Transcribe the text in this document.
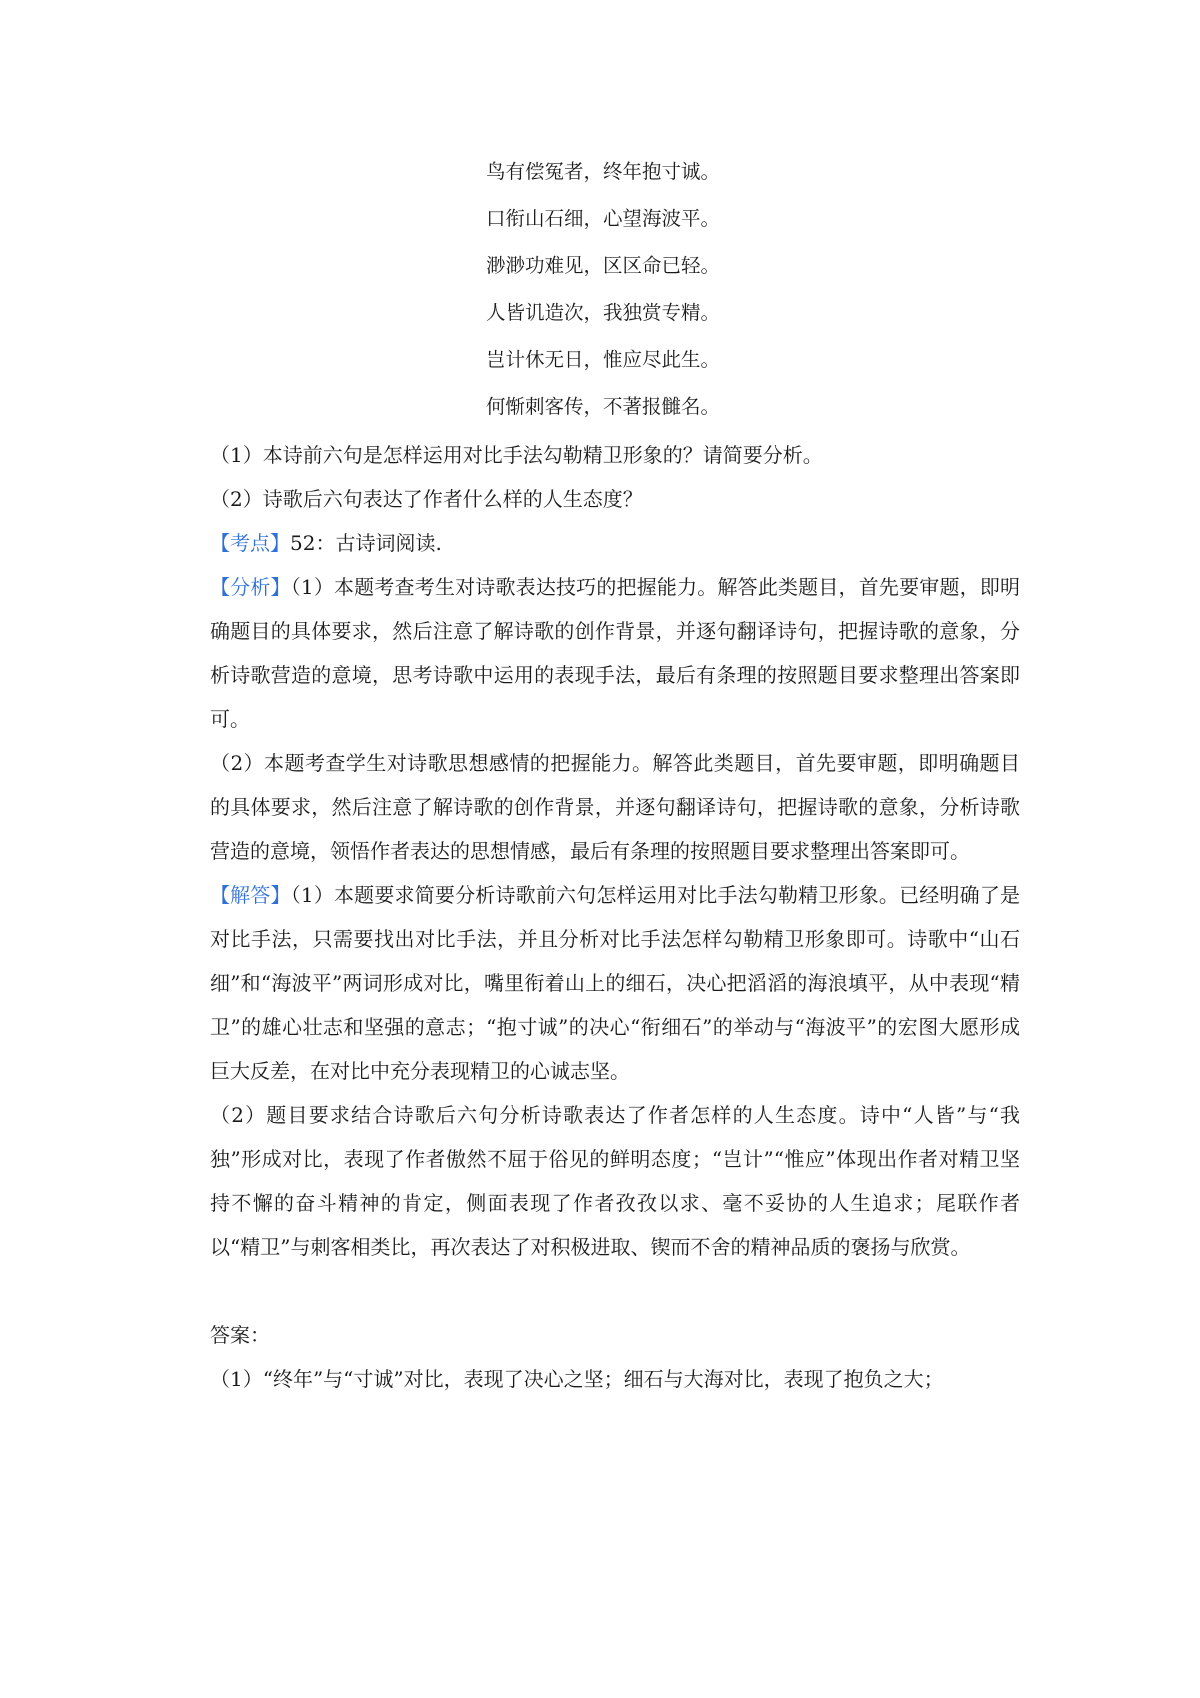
鸟有偿冤者，终年抱寸诚。
口衔山石细，心望海波平。
渺渺功难见，区区命已轻。
人皆讥造次，我独赏专精。
岂计休无日，惟应尽此生。
何惭刺客传，不著报雠名。

（1）本诗前六句是怎样运用对比手法勾勒精卫形象的？请简要分析。

（2）诗歌后六句表达了作者什么样的人生态度？

【考点】52：古诗词阅读.

【分析】（1）本题考查考生对诗歌表达技巧的把握能力。解答此类题目，首先要审题，即明确题目的具体要求，然后注意了解诗歌的创作背景，并逐句翻译诗句，把握诗歌的意象，分析诗歌营造的意境，思考诗歌中运用的表现手法，最后有条理的按照题目要求整理出答案即可。

（2）本题考查学生对诗歌思想感情的把握能力。解答此类题目，首先要审题，即明确题目的具体要求，然后注意了解诗歌的创作背景，并逐句翻译诗句，把握诗歌的意象，分析诗歌营造的意境，领悟作者表达的思想情感，最后有条理的按照题目要求整理出答案即可。

【解答】（1）本题要求简要分析诗歌前六句怎样运用对比手法勾勒精卫形象。已经明确了是对比手法，只需要找出对比手法，并且分析对比手法怎样勾勒精卫形象即可。诗歌中“山石细”和“海波平”两词形成对比，嘴里衔着山上的细石，决心把滔滔的海浪填平，从中表现“精卫”的雄心壮志和坚强的意志；“抱寸诚”的决心“衔细石”的举动与“海波平”的宏图大愿形成巨大反差，在对比中充分表现精卫的心诚志坚。

（2）题目要求结合诗歌后六句分析诗歌表达了作者怎样的人生态度。诗中“人皆”与“我独”形成对比，表现了作者傲然不屈于俗见的鲜明态度；“岂计”“惟应”体现出作者对精卫坚持不懈的奋斗精神的肯定，侧面表现了作者孜孜以求、毫不妥协的人生追求；尾联作者以“精卫”与刺客相类比，再次表达了对积极进取、锲而不舍的精神品质的褒扬与欣赏。

答案：

（1）“终年”与“寸诚”对比，表现了决心之坚；细石与大海对比，表现了抱负之大；
